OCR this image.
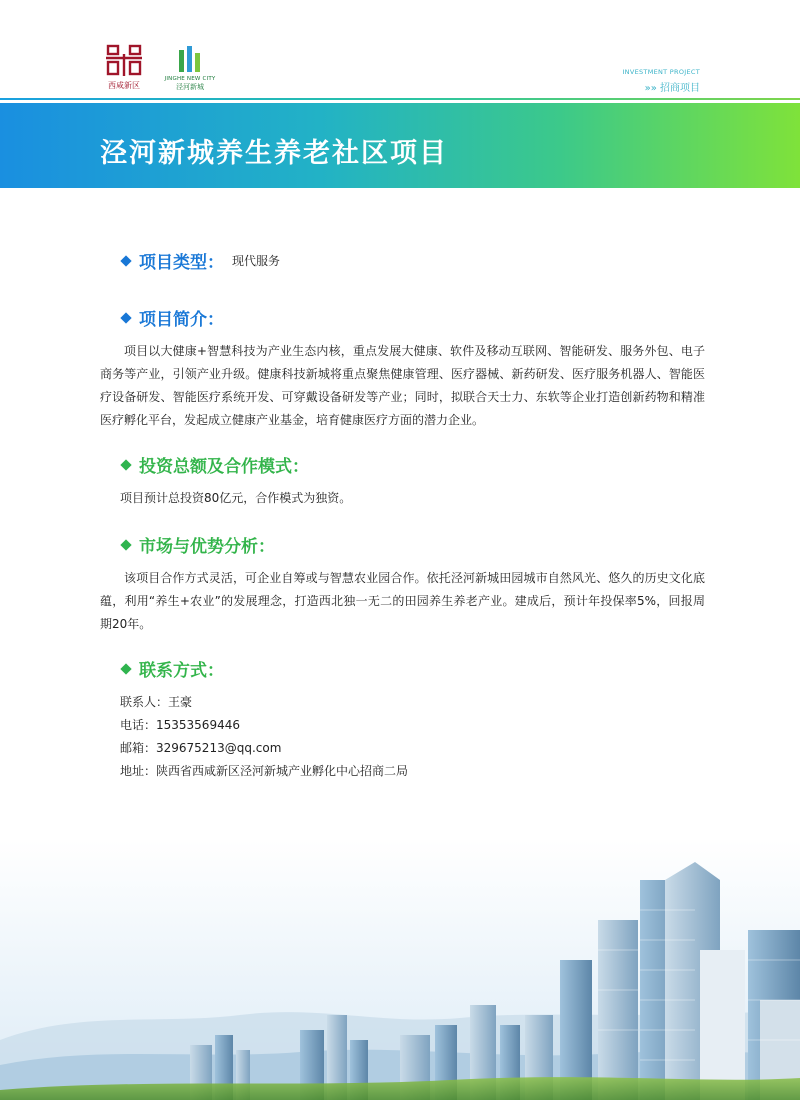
西咸新区
JINGHE NEW CITY
泾河新城
INVESTMENT PROJECT
»» 招商项目
泾河新城养生养老社区项目
项目类型： 现代服务
项目简介：
项目以大健康+智慧科技为产业生态内核，重点发展大健康、软件及移动互联网、智能研发、服务外包、电子商务等产业，引领产业升级。健康科技新城将重点聚焦健康管理、医疗器械、新药研发、医疗服务机器人、智能医疗设备研发、智能医疗系统开发、可穿戴设备研发等产业；同时，拟联合天士力、东软等企业打造创新药物和精准医疗孵化平台，发起成立健康产业基金，培育健康医疗方面的潜力企业。
投资总额及合作模式：
项目预计总投资80亿元，合作模式为独资。
市场与优势分析：
该项目合作方式灵活，可企业自筹或与智慧农业园合作。依托泾河新城田园城市自然风光、悠久的历史文化底蕴，利用“养生+农业”的发展理念，打造西北独一无二的田园养生养老产业。建成后，预计年投保率5%，回报周期20年。
联系方式：
联系人：王豪
电话：15353569446
邮箱：329675213@qq.com
地址：陕西省西咸新区泾河新城产业孵化中心招商二局
